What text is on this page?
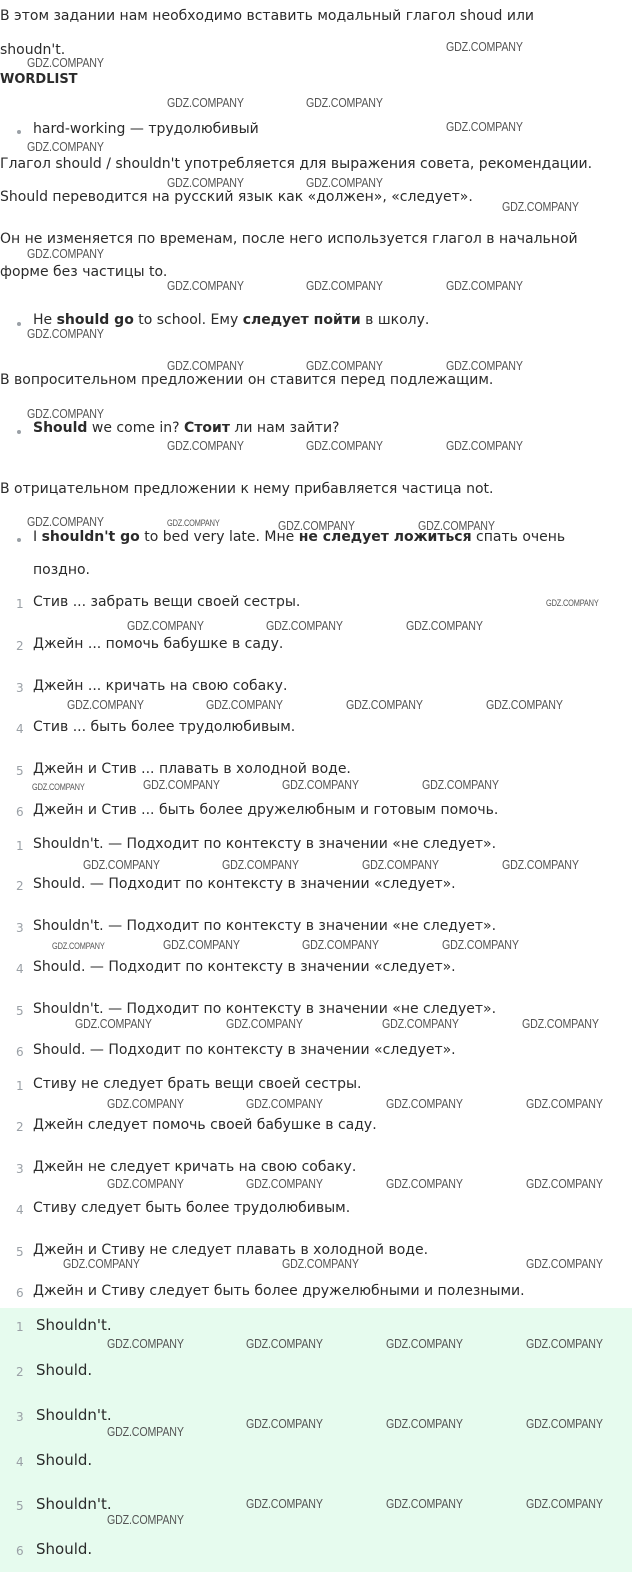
В этом задании нам необходимо вставить модальный глагол shoud или
shoudn't.
WORDLIST
hard-working — трудолюбивый
Глагол should / shouldn't употребляется для выражения совета, рекомендации.
Should переводится на русский язык как «должен», «следует».
Он не изменяется по временам, после него используется глагол в начальной
форме без частицы to.
He should go to school. Ему следует пойти в школу.
В вопросительном предложении он ставится перед подлежащим.
Should we come in? Стоит ли нам зайти?
В отрицательном предложении к нему прибавляется частица not.
I shouldn't go to bed very late. Мне не следует ложиться спать очень
поздно.
1 Стив ... забрать вещи своей сестры.
2 Джейн ... помочь бабушке в саду.
3 Джейн ... кричать на свою собаку.
4 Стив ... быть более трудолюбивым.
5 Джейн и Стив ... плавать в холодной воде.
6 Джейн и Стив ... быть более дружелюбным и готовым помочь.
1 Shouldn't. — Подходит по контексту в значении «не следует».
2 Should. — Подходит по контексту в значении «следует».
3 Shouldn't. — Подходит по контексту в значении «не следует».
4 Should. — Подходит по контексту в значении «следует».
5 Shouldn't. — Подходит по контексту в значении «не следует».
6 Should. — Подходит по контексту в значении «следует».
1 Стиву не следует брать вещи своей сестры.
2 Джейн следует помочь своей бабушке в саду.
3 Джейн не следует кричать на свою собаку.
4 Стиву следует быть более трудолюбивым.
5 Джейн и Стиву не следует плавать в холодной воде.
6 Джейн и Стиву следует быть более дружелюбными и полезными.
1 Shouldn't.
2 Should.
3 Shouldn't.
4 Should.
5 Shouldn't.
6 Should.
GDZ.COMPANY
GDZ.COMPANY
GDZ.COMPANY	GDZ.COMPANY
GDZ.COMPANY
GDZ.COMPANY
GDZ.COMPANY	GDZ.COMPANY
GDZ.COMPANY
GDZ.COMPANY
GDZ.COMPANY	GDZ.COMPANY	GDZ.COMPANY
GDZ.COMPANY
GDZ.COMPANY	GDZ.COMPANY	GDZ.COMPANY
GDZ.COMPANY
GDZ.COMPANY	GDZ.COMPANY	GDZ.COMPANY
GDZ.COMPANY	GDZ.COMPANY	GDZ.COMPANY	GDZ.COMPANY
GDZ.COMPANY
GDZ.COMPANY	GDZ.COMPANY	GDZ.COMPANY
GDZ.COMPANY	GDZ.COMPANY	GDZ.COMPANY	GDZ.COMPANY
GDZ.COMPANY	GDZ.COMPANY	GDZ.COMPANY	GDZ.COMPANY
GDZ.COMPANY	GDZ.COMPANY	GDZ.COMPANY	GDZ.COMPANY
GDZ.COMPANY	GDZ.COMPANY	GDZ.COMPANY	GDZ.COMPANY
GDZ.COMPANY	GDZ.COMPANY	GDZ.COMPANY	GDZ.COMPANY
GDZ.COMPANY	GDZ.COMPANY	GDZ.COMPANY	GDZ.COMPANY
GDZ.COMPANY	GDZ.COMPANY	GDZ.COMPANY	GDZ.COMPANY
GDZ.COMPANY	GDZ.COMPANY	GDZ.COMPANY
GDZ.COMPANY	GDZ.COMPANY	GDZ.COMPANY	GDZ.COMPANY
GDZ.COMPANY
GDZ.COMPANY	GDZ.COMPANY	GDZ.COMPANY
GDZ.COMPANY	GDZ.COMPANY	GDZ.COMPANY
GDZ.COMPANY
